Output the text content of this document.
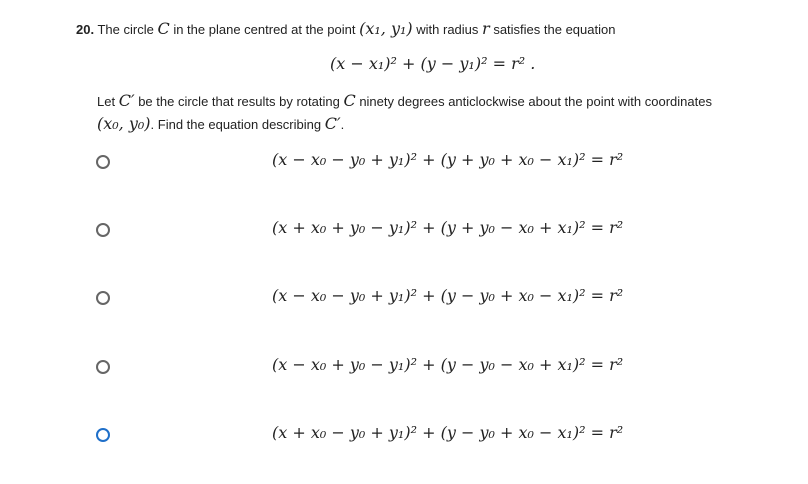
20. The circle C in the plane centred at the point (x₁, y₁) with radius r satisfies the equation
(x − x₁)² + (y − y₁)² = r² .
Let C′ be the circle that results by rotating C ninety degrees anticlockwise about the point with coordinates
(x₀, y₀). Find the equation describing C′.
(x − x₀ − y₀ + y₁)² + (y + y₀ + x₀ − x₁)² = r²
(x + x₀ + y₀ − y₁)² + (y + y₀ − x₀ + x₁)² = r²
(x − x₀ − y₀ + y₁)² + (y − y₀ + x₀ − x₁)² = r²
(x − x₀ + y₀ − y₁)² + (y − y₀ − x₀ + x₁)² = r²
(x + x₀ − y₀ + y₁)² + (y − y₀ + x₀ − x₁)² = r²
